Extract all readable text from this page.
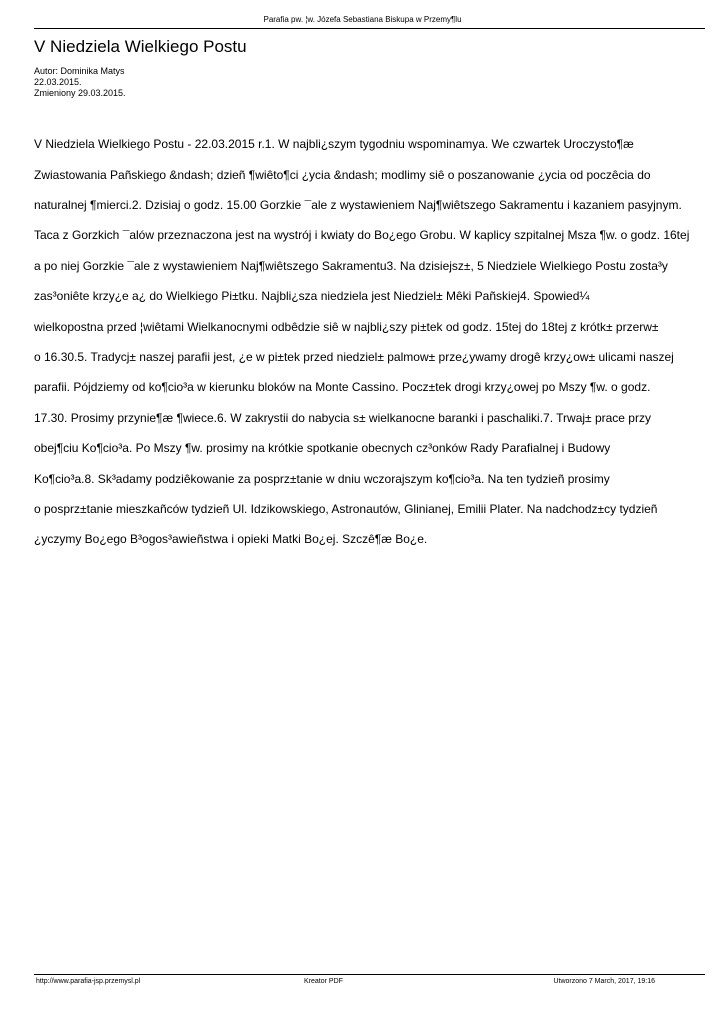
Parafia pw. ¦w. Józefa Sebastiana Biskupa w Przemy¶lu
V Niedziela Wielkiego Postu
Autor: Dominika Matys
22.03.2015.
Zmieniony 29.03.2015.

V Niedziela Wielkiego Postu - 22.03.2015 r.1. W najbli¿szym tygodniu wspominamya. We czwartek Uroczysto¶æ

Zwiastowania Pañskiego &ndash; dzieñ ¶wiêto¶ci ¿ycia &ndash; modlimy siê o poszanowanie ¿ycia od poczêcia do

naturalnej ¶mierci.2. Dzisiaj o godz. 15.00 Gorzkie ¯ale z wystawieniem Naj¶wiêtszego Sakramentu i kazaniem pasyjnym.

Taca z Gorzkich ¯alów przeznaczona jest na wystrój i kwiaty do Bo¿ego Grobu. W kaplicy szpitalnej Msza ¶w. o godz. 16tej

a po niej Gorzkie ¯ale z wystawieniem Naj¶wiêtszego Sakramentu3. Na dzisiejsz±, 5 Niedziele Wielkiego Postu zosta³y

zas³oniête krzy¿e a¿ do Wielkiego Pi±tku. Najbli¿sza niedziela jest Niedziel± Mêki Pañskiej4. Spowied¼

wielkopostna przed ¦wiêtami Wielkanocnymi odbêdzie siê w najbli¿szy pi±tek od godz. 15tej do 18tej z krótk± przerw±

o 16.30.5. Tradycj± naszej parafii jest, ¿e w pi±tek przed niedziel± palmow± prze¿ywamy drogê krzy¿ow± ulicami naszej

parafii. Pójdziemy od ko¶cio³a w kierunku bloków na Monte Cassino. Pocz±tek drogi krzy¿owej po Mszy ¶w. o godz.

17.30. Prosimy przynie¶æ ¶wiece.6. W zakrystii do nabycia s± wielkanocne baranki i paschaliki.7. Trwaj± prace przy

obej¶ciu Ko¶cio³a. Po Mszy ¶w. prosimy na krótkie spotkanie obecnych cz³onków Rady Parafialnej i Budowy

Ko¶cio³a.8. Sk³adamy podziêkowanie za posprz±tanie w dniu wczorajszym ko¶cio³a. Na ten tydzieñ prosimy

o posprz±tanie mieszkañców tydzieñ Ul. Idzikowskiego, Astronautów, Glinianej, Emilii Plater. Na nadchodz±cy tydzieñ

¿yczymy Bo¿ego B³ogos³awieñstwa i opieki Matki Bo¿ej. Szczê¶æ Bo¿e.

http://www.parafia-jsp.przemysl.pl	Kreator PDF	Utworzono 7 March, 2017, 19:16
